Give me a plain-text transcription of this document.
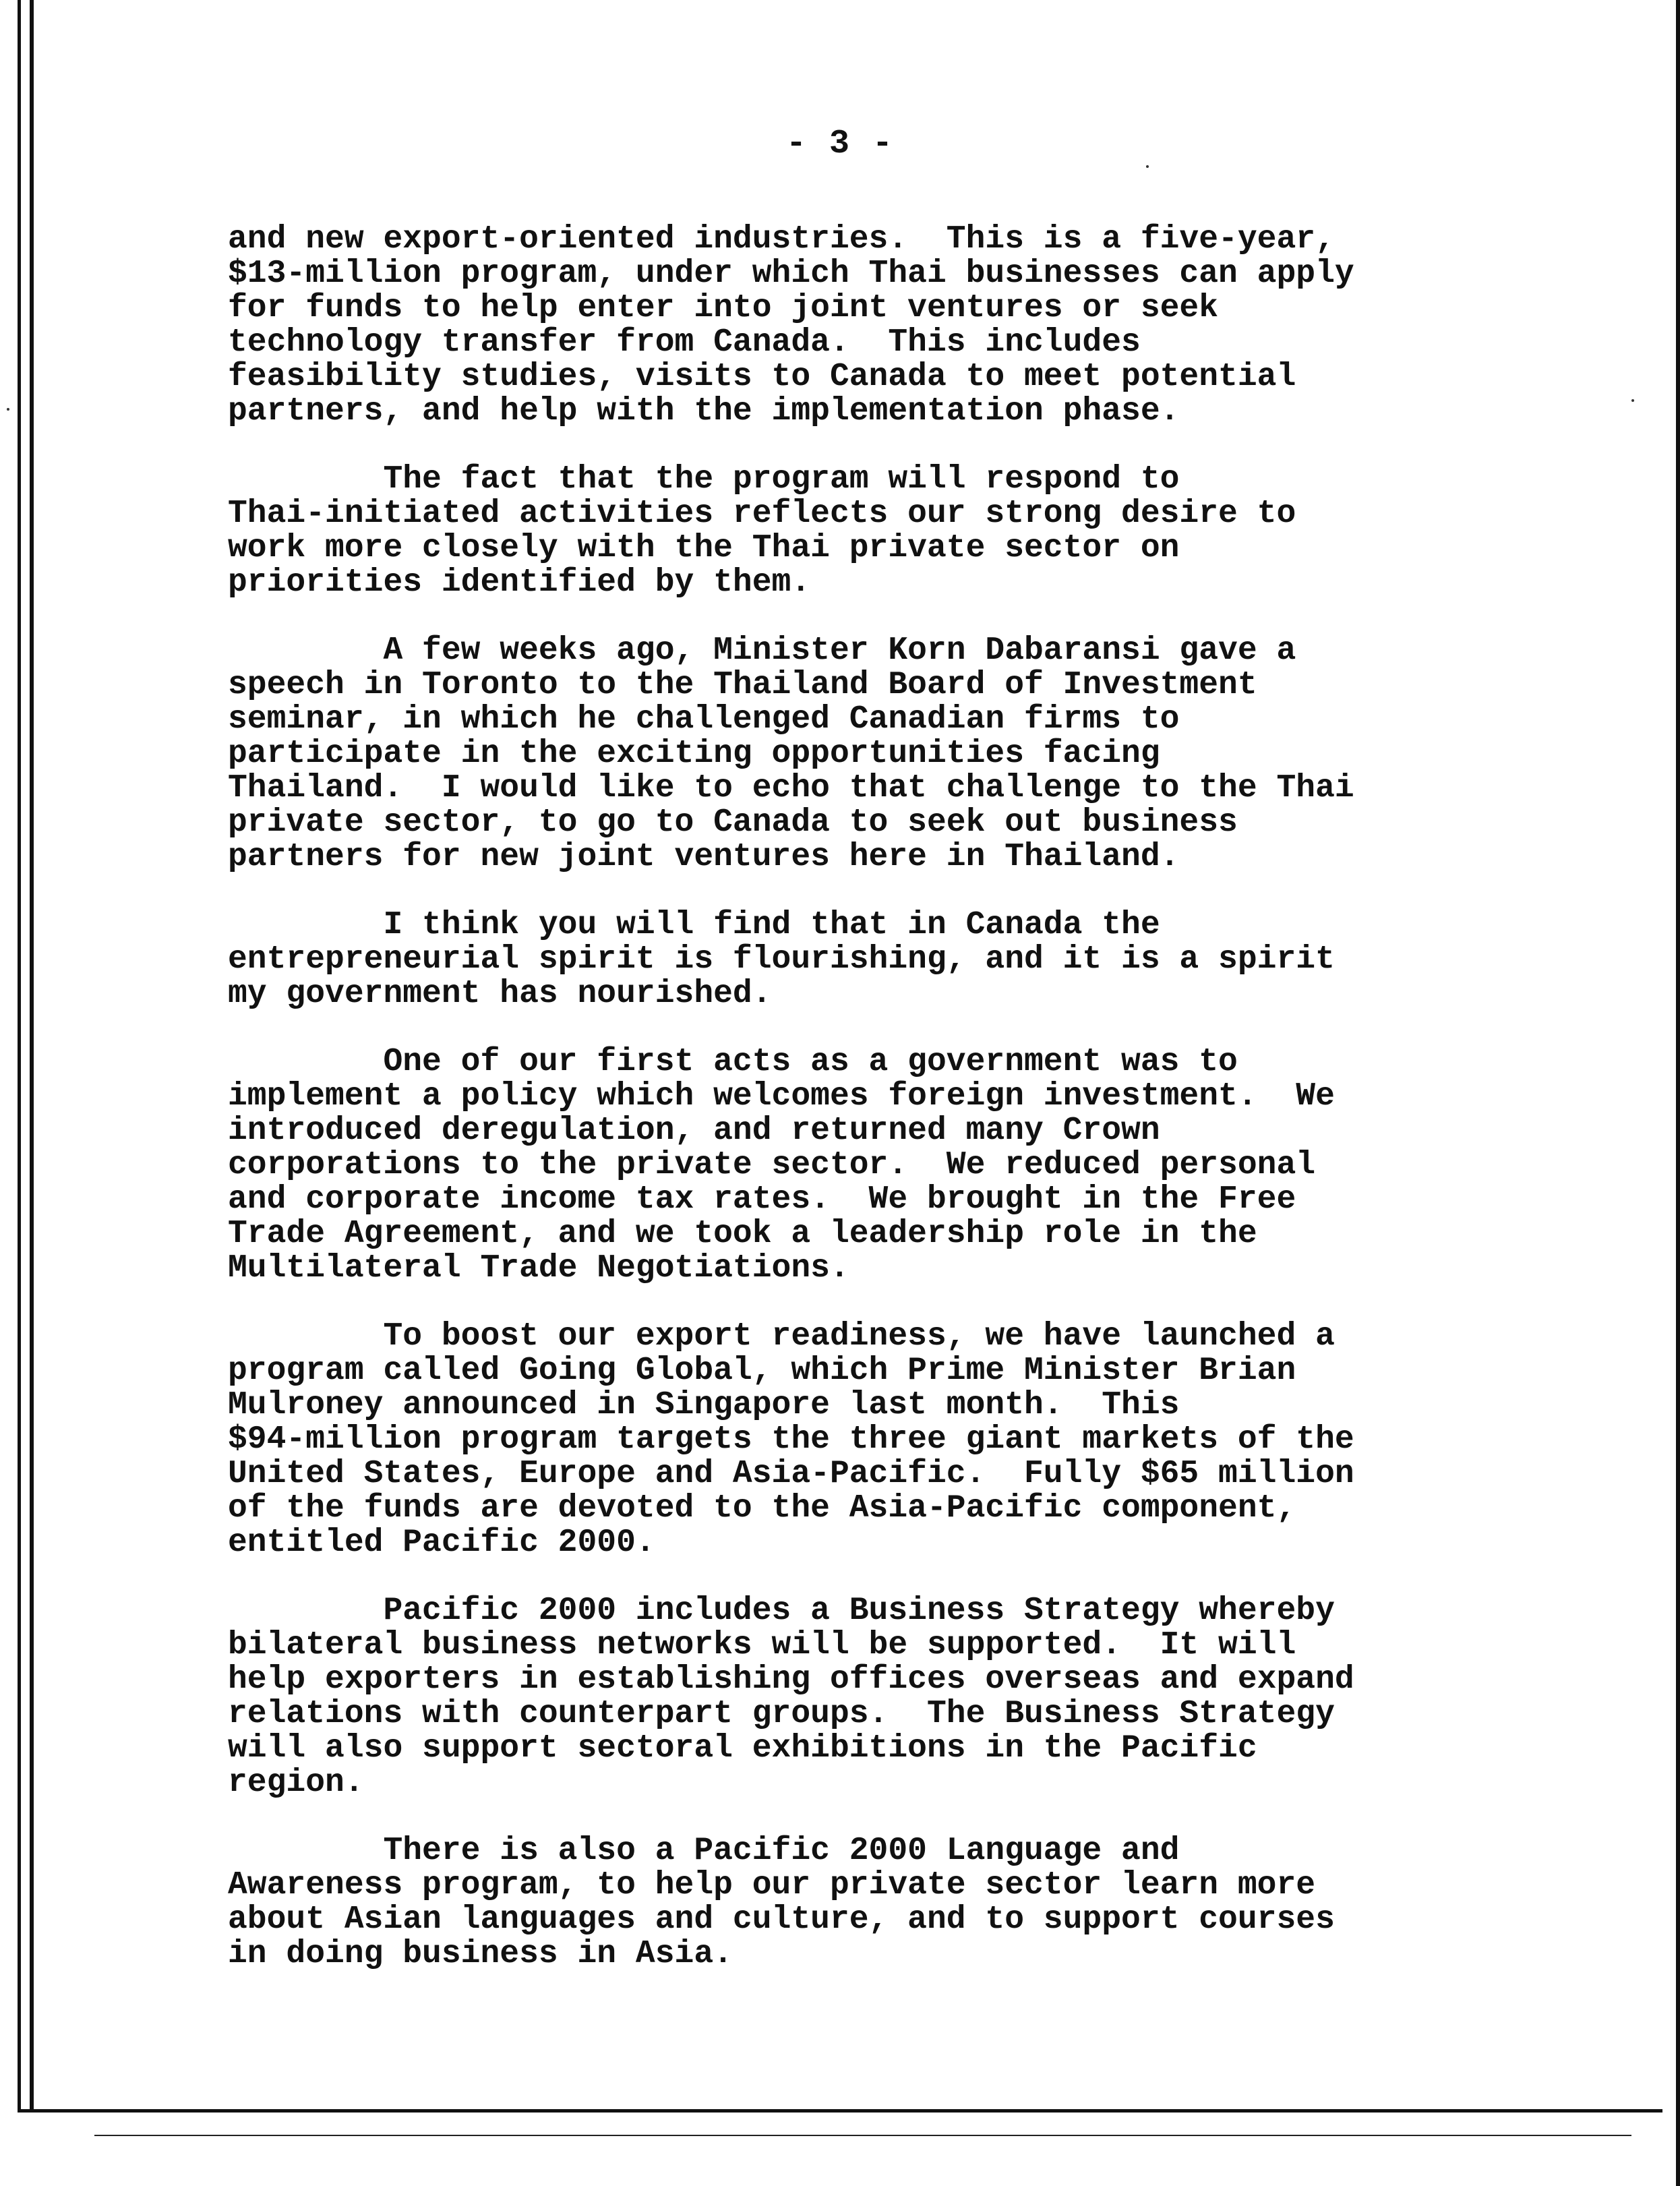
- 3 -

and new export-oriented industries.  This is a five-year,
$13-million program, under which Thai businesses can apply
for funds to help enter into joint ventures or seek
technology transfer from Canada.  This includes
feasibility studies, visits to Canada to meet potential
partners, and help with the implementation phase.

The fact that the program will respond to
Thai-initiated activities reflects our strong desire to
work more closely with the Thai private sector on
priorities identified by them.

A few weeks ago, Minister Korn Dabaransi gave a
speech in Toronto to the Thailand Board of Investment
seminar, in which he challenged Canadian firms to
participate in the exciting opportunities facing
Thailand.  I would like to echo that challenge to the Thai
private sector, to go to Canada to seek out business
partners for new joint ventures here in Thailand.

I think you will find that in Canada the
entrepreneurial spirit is flourishing, and it is a spirit
my government has nourished.

One of our first acts as a government was to
implement a policy which welcomes foreign investment.  We
introduced deregulation, and returned many Crown
corporations to the private sector.  We reduced personal
and corporate income tax rates.  We brought in the Free
Trade Agreement, and we took a leadership role in the
Multilateral Trade Negotiations.

To boost our export readiness, we have launched a
program called Going Global, which Prime Minister Brian
Mulroney announced in Singapore last month.  This
$94-million program targets the three giant markets of the
United States, Europe and Asia-Pacific.  Fully $65 million
of the funds are devoted to the Asia-Pacific component,
entitled Pacific 2000.

Pacific 2000 includes a Business Strategy whereby
bilateral business networks will be supported.  It will
help exporters in establishing offices overseas and expand
relations with counterpart groups.  The Business Strategy
will also support sectoral exhibitions in the Pacific
region.

There is also a Pacific 2000 Language and
Awareness program, to help our private sector learn more
about Asian languages and culture, and to support courses
in doing business in Asia.
